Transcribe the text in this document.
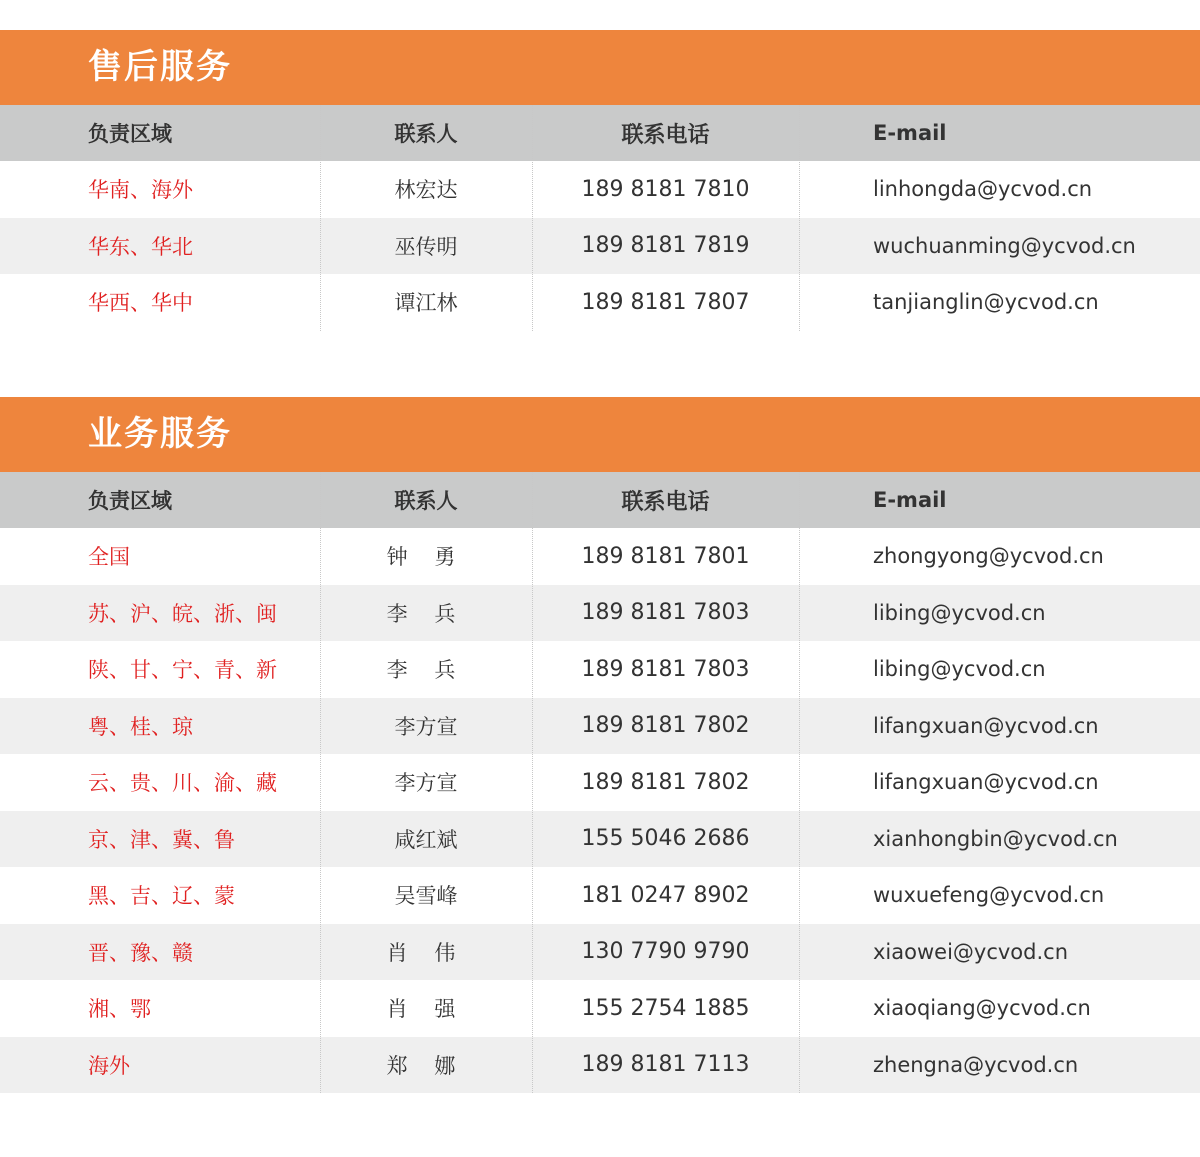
售后服务
负责区域	联系人	联系电话	E-mail
华南、海外	林宏达	189 8181 7810	linhongda@ycvod.cn
华东、华北	巫传明	189 8181 7819	wuchuanming@ycvod.cn
华西、华中	谭江林	189 8181 7807	tanjianglin@ycvod.cn
业务服务
负责区域	联系人	联系电话	E-mail
全国	钟 勇	189 8181 7801	zhongyong@ycvod.cn
苏、沪、皖、浙、闽	李 兵	189 8181 7803	libing@ycvod.cn
陕、甘、宁、青、新	李 兵	189 8181 7803	libing@ycvod.cn
粤、桂、琼	李方宣	189 8181 7802	lifangxuan@ycvod.cn
云、贵、川、渝、藏	李方宣	189 8181 7802	lifangxuan@ycvod.cn
京、津、冀、鲁	咸红斌	155 5046 2686	xianhongbin@ycvod.cn
黑、吉、辽、蒙	吴雪峰	181 0247 8902	wuxuefeng@ycvod.cn
晋、豫、赣	肖 伟	130 7790 9790	xiaowei@ycvod.cn
湘、鄂	肖 强	155 2754 1885	xiaoqiang@ycvod.cn
海外	郑 娜	189 8181 7113	zhengna@ycvod.cn
